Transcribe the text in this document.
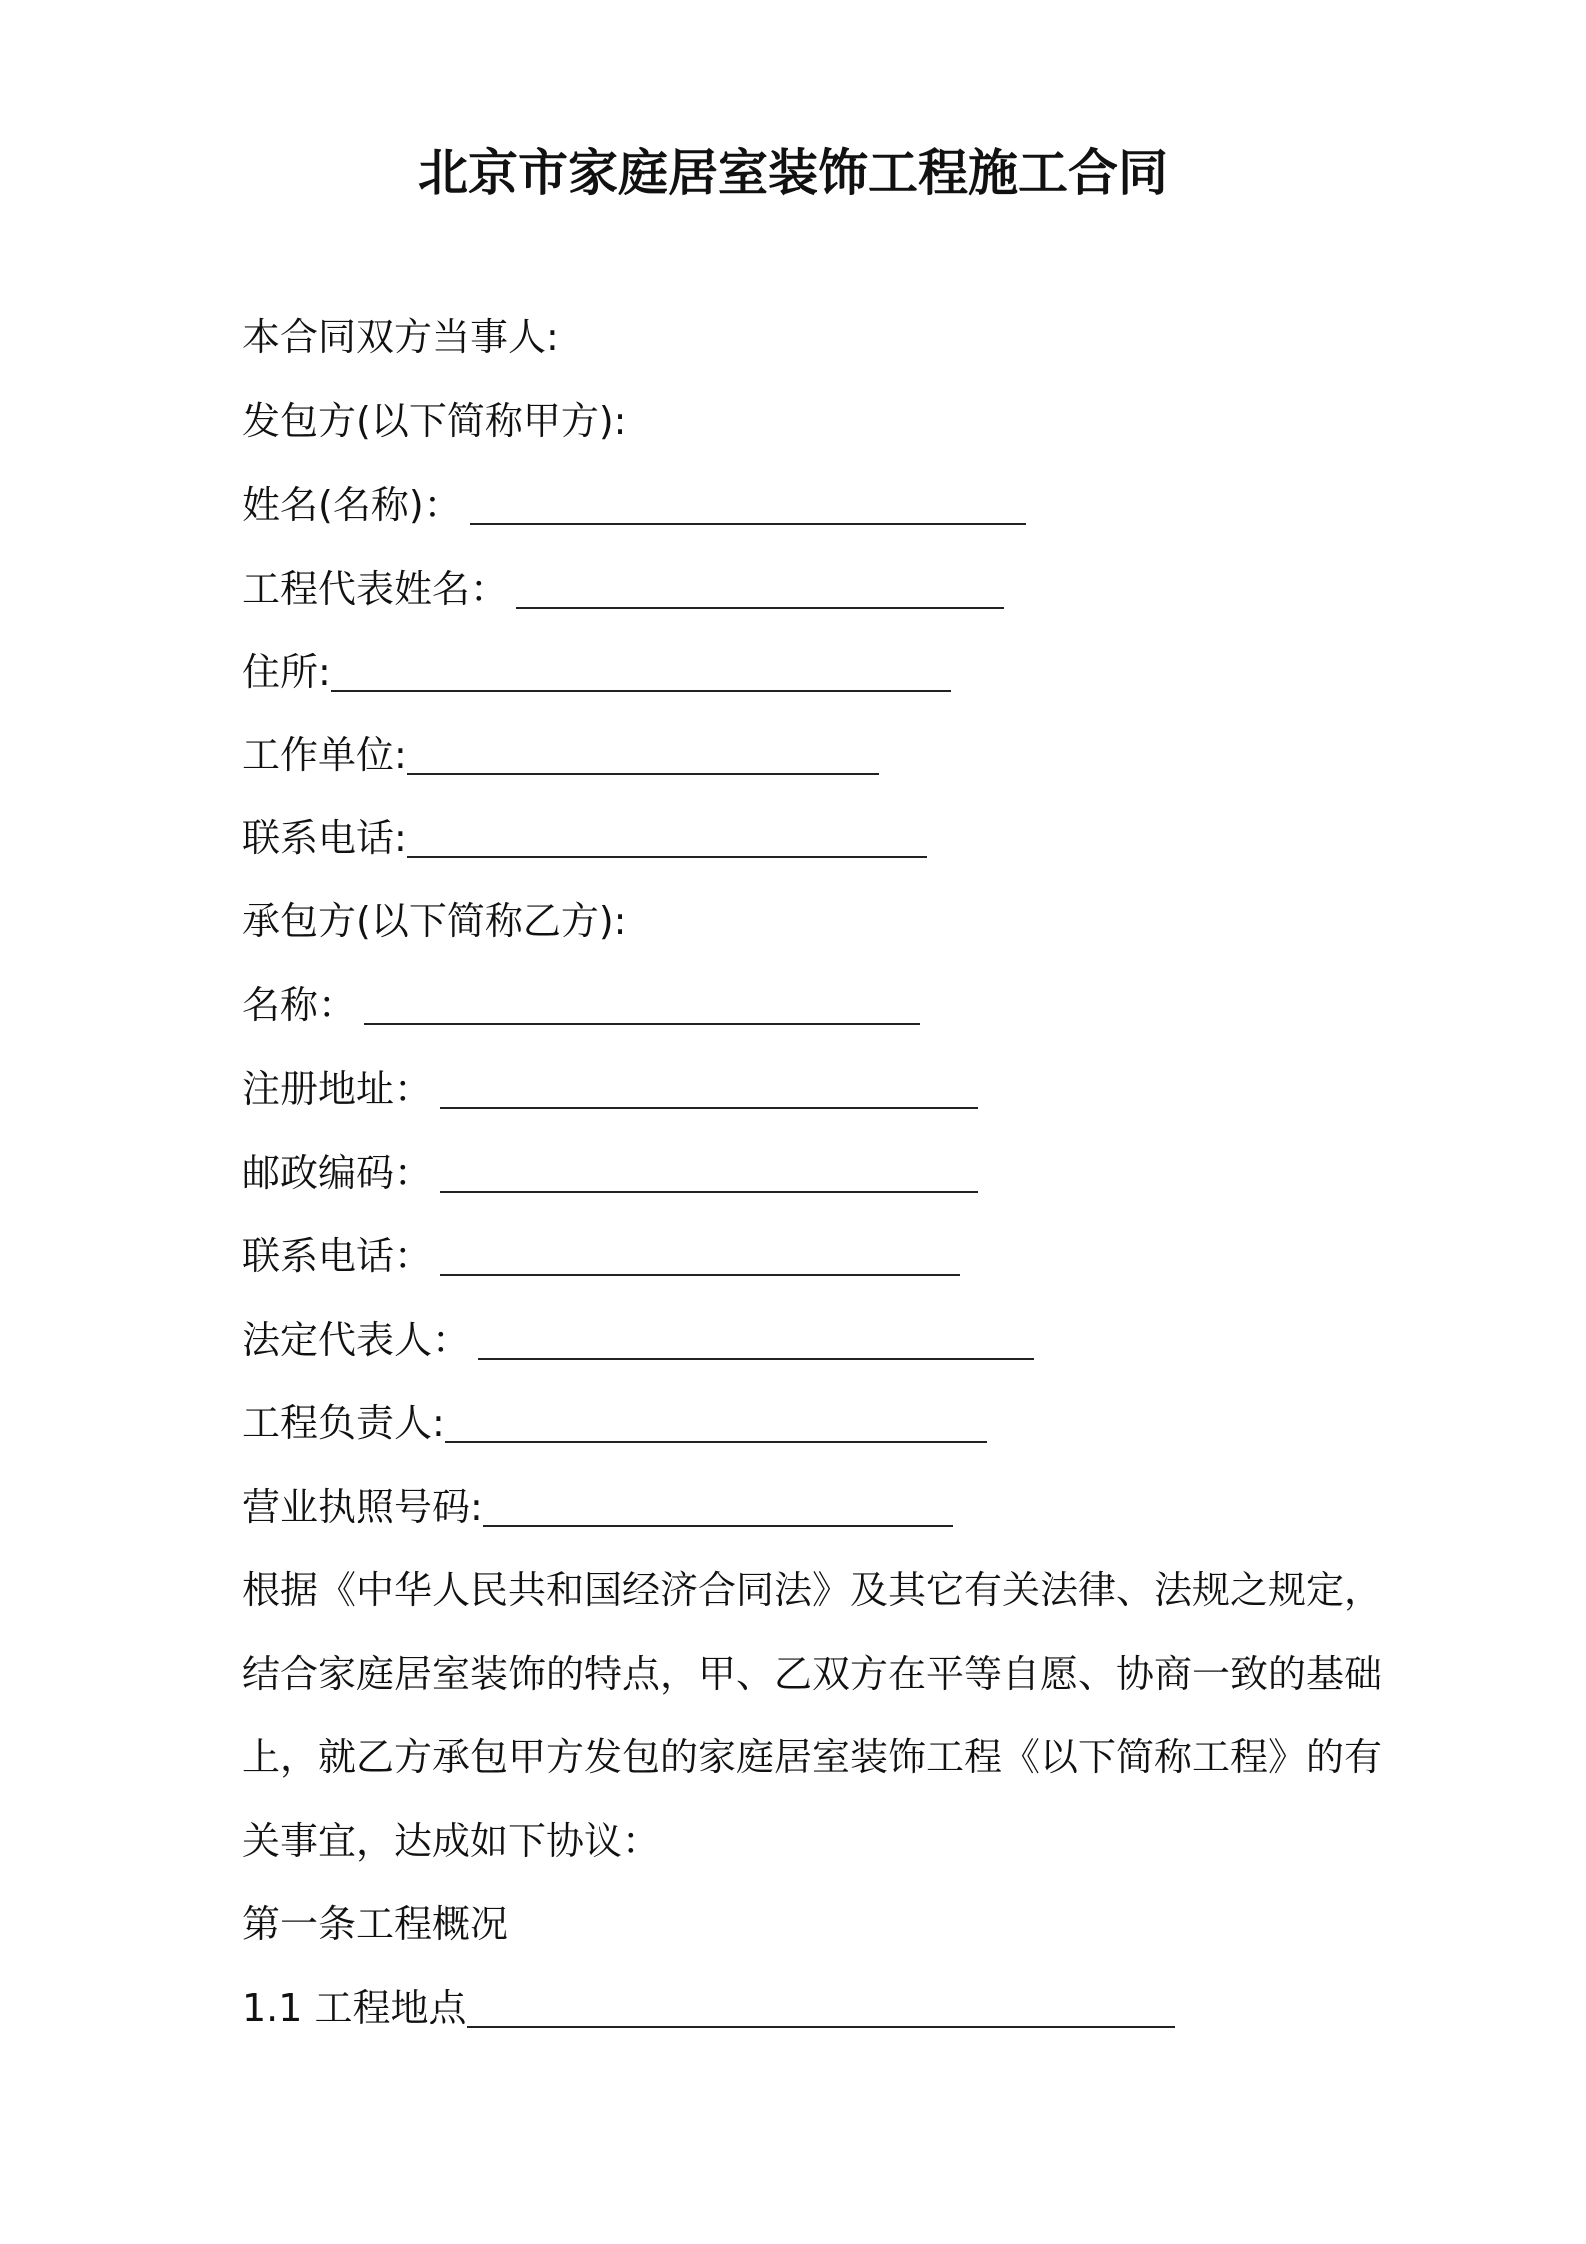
北京市家庭居室装饰工程施工合同
本合同双方当事人:
发包方(以下简称甲方):
姓名(名称)：
工程代表姓名：
住所:
工作单位:
联系电话:
承包方(以下简称乙方):
名称：
注册地址：
邮政编码：
联系电话：
法定代表人：
工程负责人:
营业执照号码:
根据《中华人民共和国经济合同法》及其它有关法律、法规之规定，
结合家庭居室装饰的特点，甲、乙双方在平等自愿、协商一致的基础
上，就乙方承包甲方发包的家庭居室装饰工程《以下简称工程》的有
关事宜，达成如下协议：
第一条工程概况
1.1 工程地点
